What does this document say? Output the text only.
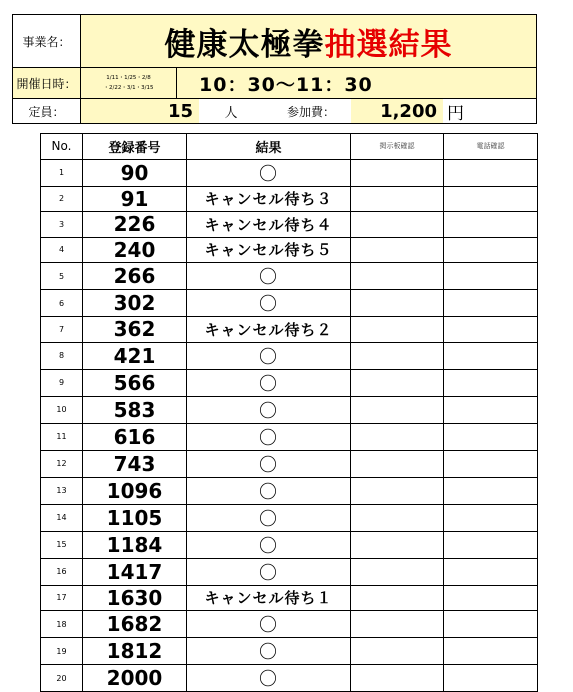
事業名：	健康太極拳 抽選結果
開催日時：	1/11・1/25・2/8
・2/22・3/1・3/15	10：30〜11：30
定員：	15	人	参加費：	1,200 円
No.	登録番号	結果	掲示板確認	電話確認
1	90	〇		
2	91	キャンセル待ち３		
3	226	キャンセル待ち４		
4	240	キャンセル待ち５		
5	266	〇		
6	302	〇		
7	362	キャンセル待ち２		
8	421	〇		
9	566	〇		
10	583	〇		
11	616	〇		
12	743	〇		
13	1096	〇		
14	1105	〇		
15	1184	〇		
16	1417	〇		
17	1630	キャンセル待ち１		
18	1682	〇		
19	1812	〇		
20	2000	〇		
